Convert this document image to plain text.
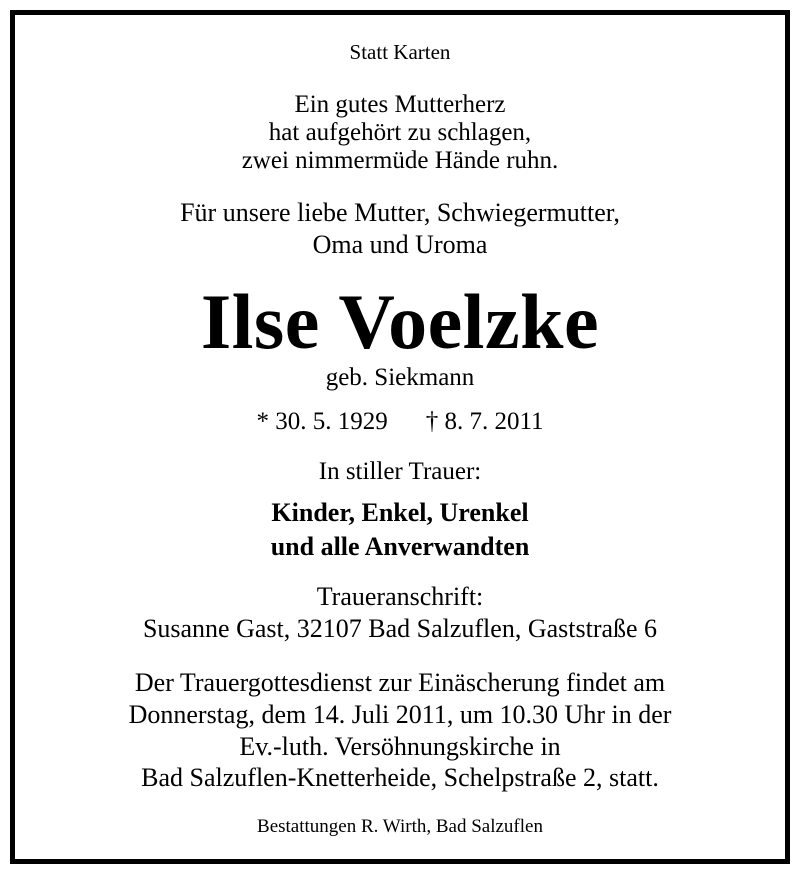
Statt Karten
Ein gutes Mutterherz
hat aufgehört zu schlagen,
zwei nimmermüde Hände ruhn.
Für unsere liebe Mutter, Schwiegermutter,
Oma und Uroma
Ilse Voelzke
geb. Siekmann
* 30. 5. 1929 † 8. 7. 2011
In stiller Trauer:
Kinder, Enkel, Urenkel
und alle Anverwandten
Traueranschrift:
Susanne Gast, 32107 Bad Salzuflen, Gaststraße 6
Der Trauergottesdienst zur Einäscherung findet am
Donnerstag, dem 14. Juli 2011, um 10.30 Uhr in der
Ev.-luth. Versöhnungskirche in
Bad Salzuflen-Knetterheide, Schelpstraße 2, statt.
Bestattungen R. Wirth, Bad Salzuflen
